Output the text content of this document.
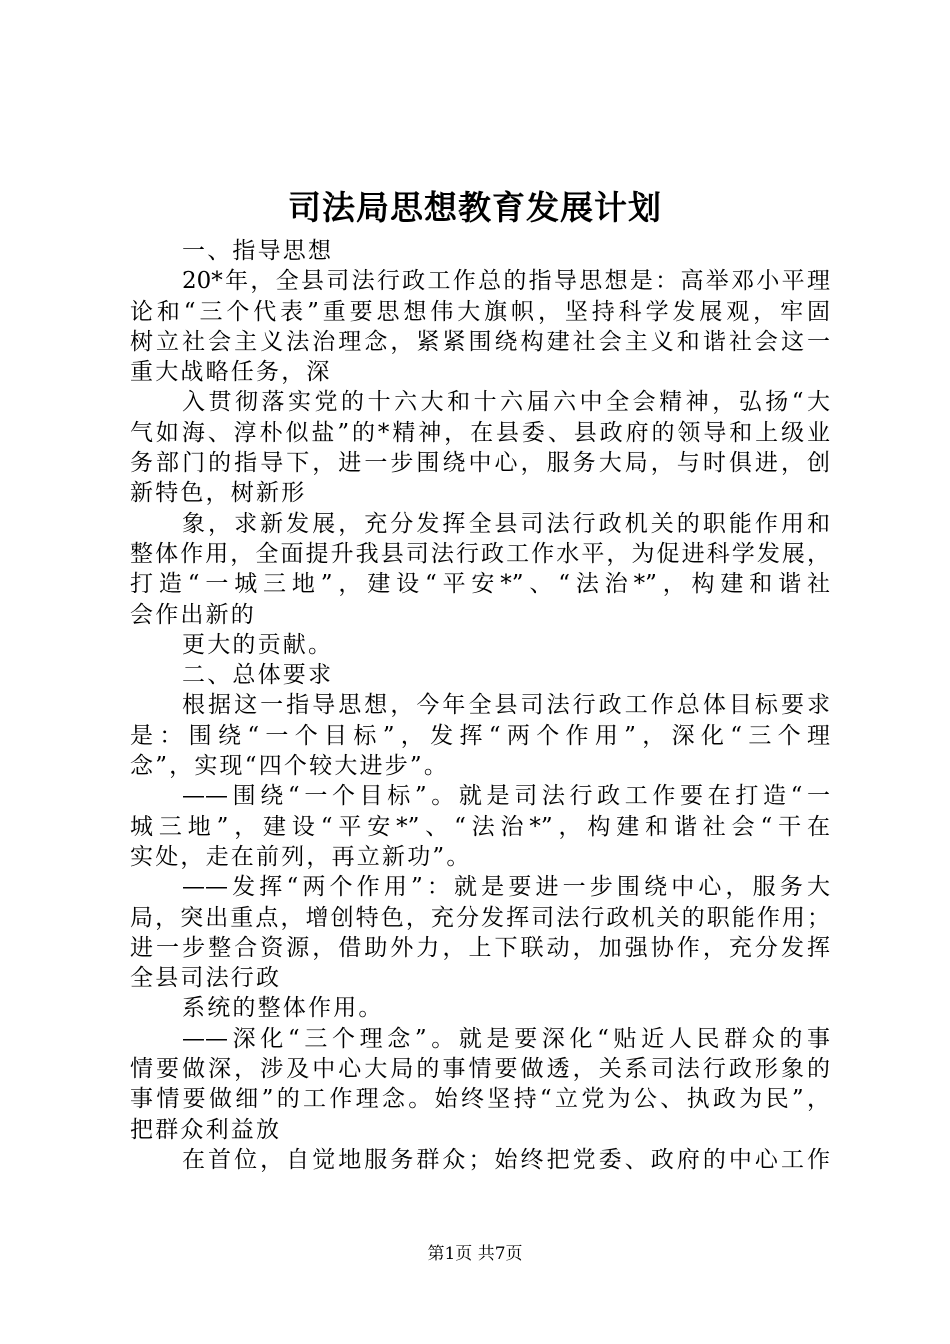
司法局思想教育发展计划
一、指导思想
20*年，全县司法行政工作总的指导思想是：高举邓小平理
论和“三个代表”重要思想伟大旗帜，坚持科学发展观，牢固
树立社会主义法治理念，紧紧围绕构建社会主义和谐社会这一
重大战略任务，深
入贯彻落实党的十六大和十六届六中全会精神，弘扬“大
气如海、淳朴似盐”的*精神，在县委、县政府的领导和上级业
务部门的指导下，进一步围绕中心，服务大局，与时俱进，创
新特色，树新形
象，求新发展，充分发挥全县司法行政机关的职能作用和
整体作用，全面提升我县司法行政工作水平，为促进科学发展，
打造“一城三地”，建设“平安*”、“法治*”，构建和谐社
会作出新的
更大的贡献。
二、总体要求
根据这一指导思想，今年全县司法行政工作总体目标要求
是：围绕“一个目标”，发挥“两个作用”，深化“三个理
念”，实现“四个较大进步”。
——围绕“一个目标”。就是司法行政工作要在打造“一
城三地”，建设“平安*”、“法治*”，构建和谐社会“干在
实处，走在前列，再立新功”。
——发挥“两个作用”：就是要进一步围绕中心，服务大
局，突出重点，增创特色，充分发挥司法行政机关的职能作用；
进一步整合资源，借助外力，上下联动，加强协作，充分发挥
全县司法行政
系统的整体作用。
——深化“三个理念”。就是要深化“贴近人民群众的事
情要做深，涉及中心大局的事情要做透，关系司法行政形象的
事情要做细”的工作理念。始终坚持“立党为公、执政为民”，
把群众利益放
在首位，自觉地服务群众；始终把党委、政府的中心工作
第1页 共7页
